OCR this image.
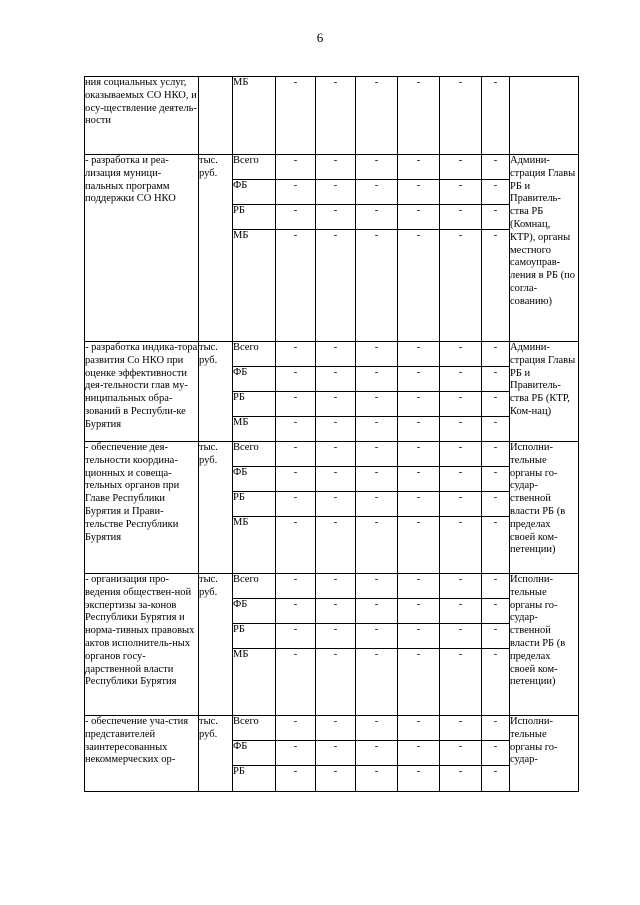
6
ния социальных услуг, оказываемых СО НКО, и осу-ществление деятель-ности		МБ	-	-	-	-	-	-	
- разработка и реа-лизация муници-пальных программ поддержки СО НКО	тыс. руб.	Всего	-	-	-	-	-	-	Админи-страция Главы РБ и Правитель-ства РБ (Комнац, КТР), органы местного самоуправ-ления в РБ (по согла-сованию)
		ФБ	-	-	-	-	-	-	
		РБ	-	-	-	-	-	-	
		МБ	-	-	-	-	-	-	
- разработка индика-тора развития Со НКО при оценке эффективности дея-тельности глав му-ниципальных обра-зований в Республи-ке Бурятия	тыс. руб.	Всего	-	-	-	-	-	-	Админи-страция Главы РБ и Правитель-ства РБ (КТР, Ком-нац)
		ФБ	-	-	-	-	-	-	
		РБ	-	-	-	-	-	-	
		МБ	-	-	-	-	-	-	
- обеспечение дея-тельности координа-ционных и совеща-тельных органов при Главе Республики Бурятия и Прави-тельстве Республики Бурятия	тыс. руб.	Всего	-	-	-	-	-	-	Исполни-тельные органы го-судар-ственной власти РБ (в пределах своей ком-петенции)
		ФБ	-	-	-	-	-	-	
		РБ	-	-	-	-	-	-	
		МБ	-	-	-	-	-	-	
- организация про-ведения обществен-ной экспертизы за-конов Республики Бурятия и норма-тивных правовых актов исполнитель-ных органов госу-дарственной власти Республики Бурятия	тыс. руб.	Всего	-	-	-	-	-	-	Исполни-тельные органы го-судар-ственной власти РБ (в пределах своей ком-петенции)
		ФБ	-	-	-	-	-	-	
		РБ	-	-	-	-	-	-	
		МБ	-	-	-	-	-	-	
- обеспечение уча-стия представителей заинтересованных некоммерческих ор-	тыс. руб.	Всего	-	-	-	-	-	-	Исполни-тельные органы го-судар-
		ФБ	-	-	-	-	-	-	
		РБ	-	-	-	-	-	-	
